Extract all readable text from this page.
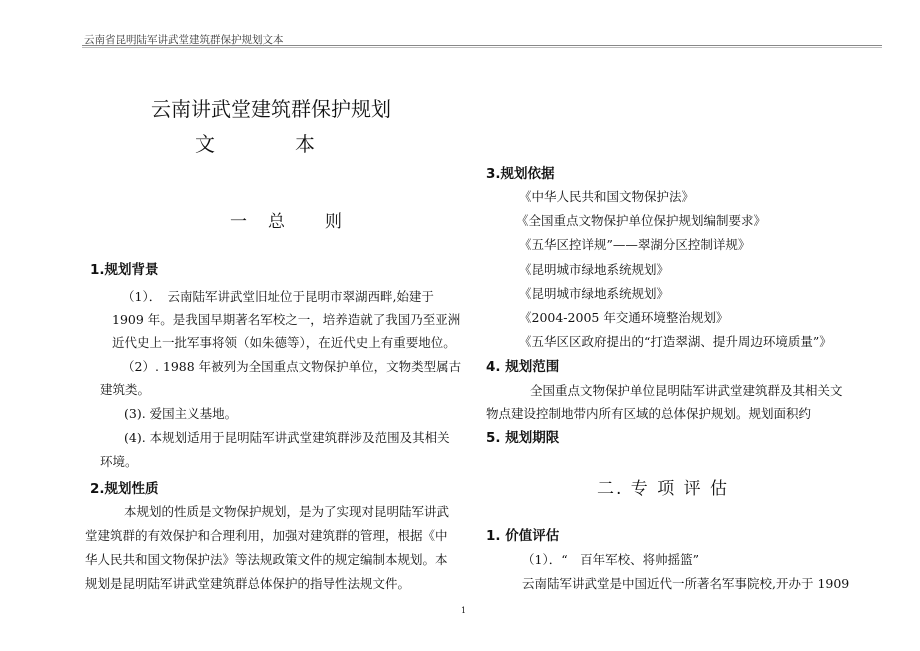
云南省昆明陆军讲武堂建筑群保护规划文本
云南讲武堂建筑群保护规划
文	本
一　总　　则
1.规划背景
（1）．　云南陆军讲武堂旧址位于昆明市翠湖西畔,始建于
1909 年。是我国早期著名军校之一，培养造就了我国乃至亚洲
近代史上一批军事将领（如朱德等），在近代史上有重要地位。
（2）. 1988 年被列为全国重点文物保护单位，文物类型属古
建筑类。
(3). 爱国主义基地。
(4). 本规划适用于昆明陆军讲武堂建筑群涉及范围及其相关
环境。
2.规划性质
本规划的性质是文物保护规划，是为了实现对昆明陆军讲武
堂建筑群的有效保护和合理利用，加强对建筑群的管理，根据《中
华人民共和国文物保护法》等法规政策文件的规定编制本规划。本
规划是昆明陆军讲武堂建筑群总体保护的指导性法规文件。
3.规划依据
《中华人民共和国文物保护法》
《全国重点文物保护单位保护规划编制要求》
《五华区控详规”——翠湖分区控制详规》
《昆明城市绿地系统规划》
《昆明城市绿地系统规划》
《2004-2005 年交通环境整治规划》
《五华区区政府提出的“打造翠湖、提升周边环境质量”》
4. 规划范围
全国重点文物保护单位昆明陆军讲武堂建筑群及其相关文
物点建设控制地带内所有区域的总体保护规划。规划面积约
5. 规划期限
二. 专 项 评 估
1. 价值评估
（1）．“　百年军校、将帅摇篮”
云南陆军讲武堂是中国近代一所著名军事院校,开办于 1909
1
